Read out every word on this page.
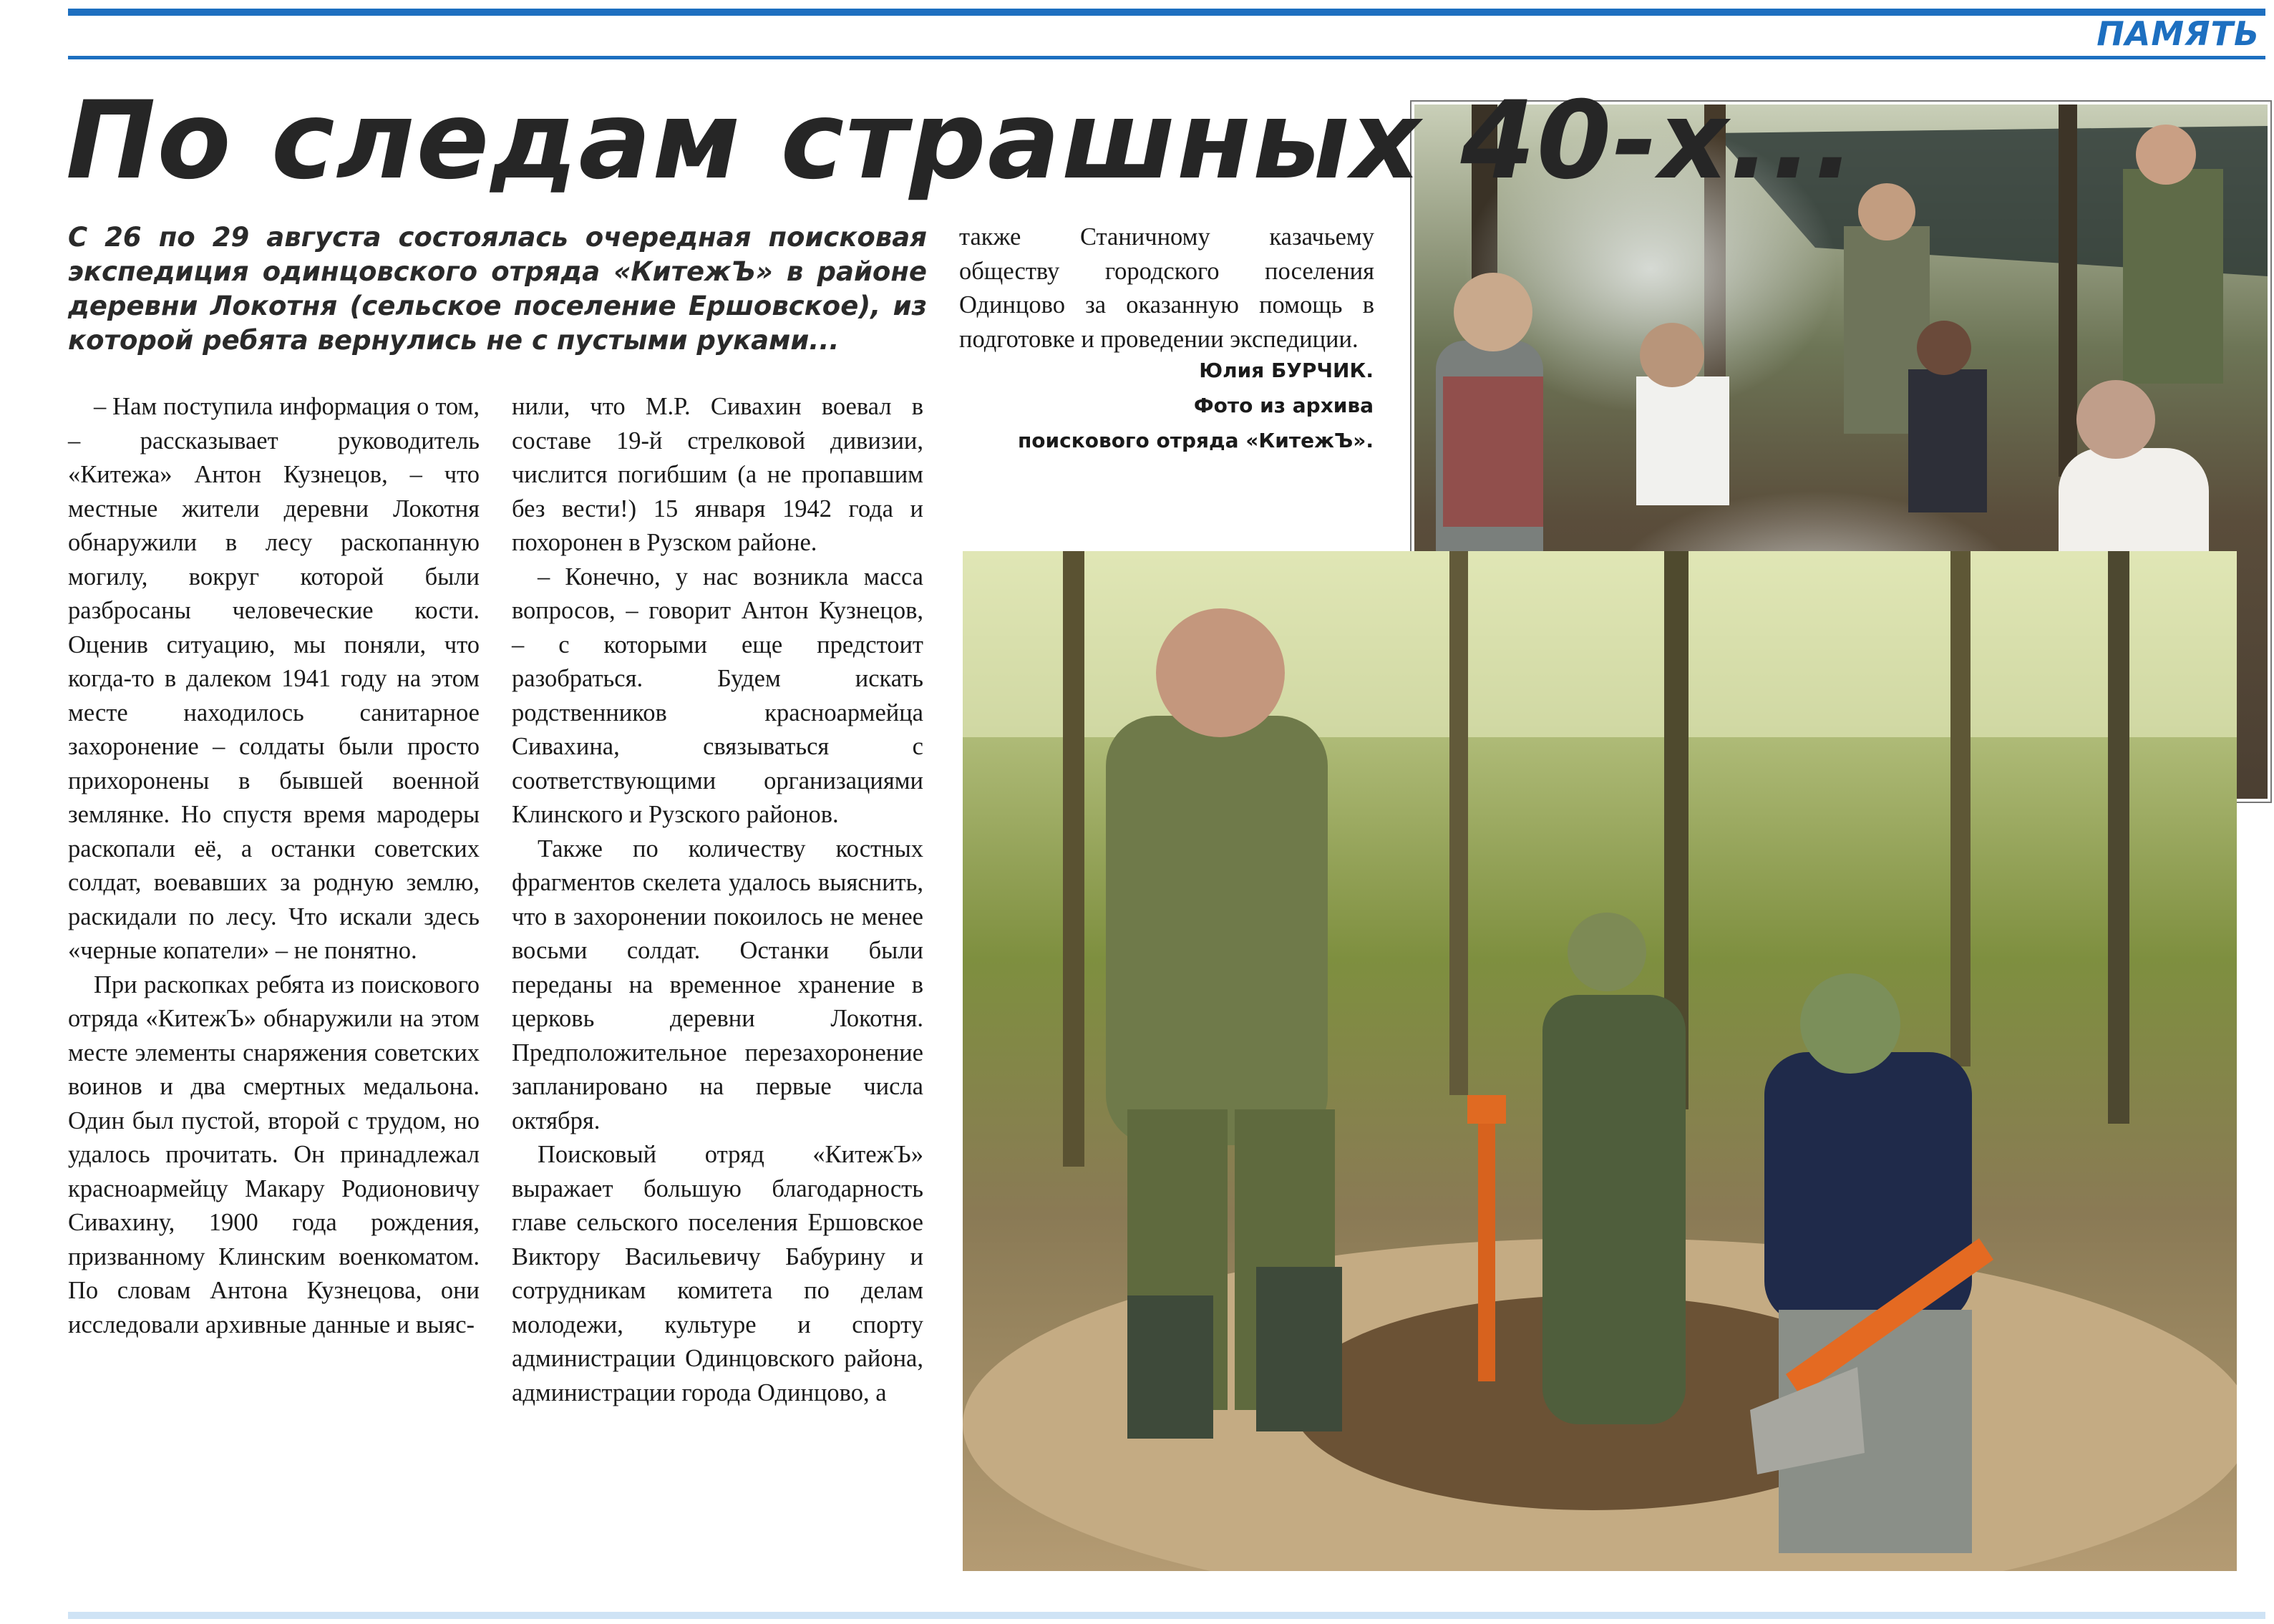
ПАМЯТЬ
По следам страшных 40-х...

С 26 по 29 августа состоялась очередная поисковая экспедиция одинцовского отряда «КитежЪ» в районе деревни Локотня (сельское поселение Ершовское), из которой ребята вернулись не с пустыми руками...

– Нам поступила информация о том, – рассказывает руководитель «Китежа» Антон Кузнецов, – что местные жители деревни Локотня обнаружили в лесу раскопанную могилу, вокруг которой были разбросаны человеческие кости. Оценив ситуацию, мы поняли, что когда-то в далеком 1941 году на этом месте находилось санитарное захоронение – солдаты были просто прихоронены в бывшей военной землянке. Но спустя время мародеры раскопали её, а останки советских солдат, воевавших за родную землю, раскидали по лесу. Что искали здесь «черные копатели» – не понятно.

При раскопках ребята из поискового отряда «КитежЪ» обнаружили на этом месте элементы снаряжения советских воинов и два смертных медальона. Один был пустой, второй с трудом, но удалось прочитать. Он принадлежал красноармейцу Макару Родионовичу Сивахину, 1900 года рождения, призванному Клинским военкоматом. По словам Антона Кузнецова, они исследовали архивные данные и выяс-

нили, что М.Р. Сивахин воевал в составе 19-й стрелковой дивизии, числится погибшим (а не пропавшим без вести!) 15 января 1942 года и похоронен в Рузском районе.

– Конечно, у нас возникла масса вопросов, – говорит Антон Кузнецов, – с которыми еще предстоит разобраться. Будем искать родственников красноармейца Сивахина, связываться с соответствующими организациями Клинского и Рузского районов.

Также по количеству костных фрагментов скелета удалось выяснить, что в захоронении покоилось не менее восьми солдат. Останки были переданы на временное хранение в церковь деревни Локотня. Предположительное перезахоронение запланировано на первые числа октября.

Поисковый отряд «КитежЪ» выражает большую благодарность главе сельского поселения Ершовское Виктору Васильевичу Бабурину и сотрудникам комитета по делам молодежи, культуре и спорту администрации Одинцовского района, администрации города Одинцово, а

также Станичному казачьему обществу городского поселения Одинцово за оказанную помощь в подготовке и проведении экспедиции.

Юлия БУРЧИК.
Фото из архива
поискового отряда «КитежЪ».
